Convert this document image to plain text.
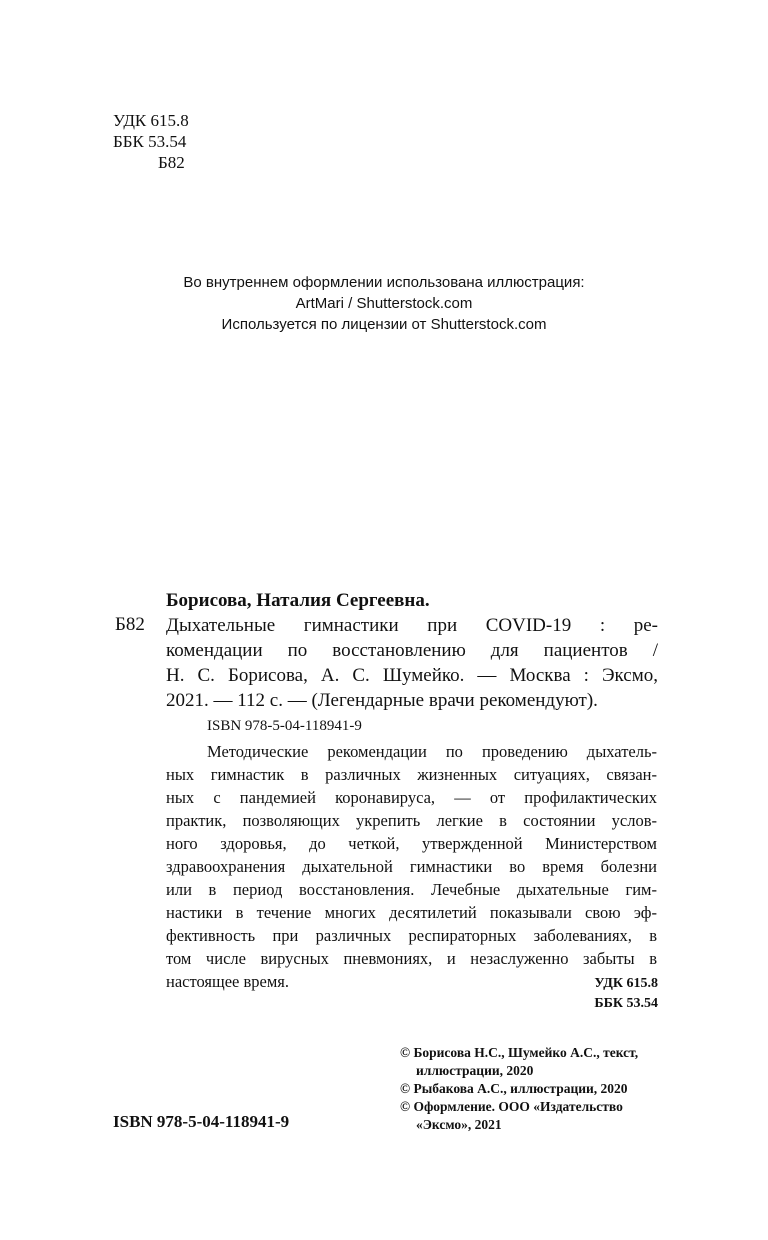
УДК 615.8
ББК 53.54
Б82
Во внутреннем оформлении использована иллюстрация:
ArtMari / Shutterstock.com
Используется по лицензии от Shutterstock.com
Борисова, Наталия Сергеевна.
Б82 Дыхательные гимнастики при COVID-19 : ре-
комендации по восстановлению для пациентов /
Н. С. Борисова, А. С. Шумейко. — Москва : Эксмо,
2021. — 112 с. — (Легендарные врачи рекомендуют).
ISBN 978-5-04-118941-9
Методические рекомендации по проведению дыхатель-
ных гимнастик в различных жизненных ситуациях, связан-
ных с пандемией коронавируса, — от профилактических
практик, позволяющих укрепить легкие в состоянии услов-
ного здоровья, до четкой, утвержденной Министерством
здравоохранения дыхательной гимнастики во время болезни
или в период восстановления. Лечебные дыхательные гим-
настики в течение многих десятилетий показывали свою эф-
фективность при различных респираторных заболеваниях, в
том числе вирусных пневмониях, и незаслуженно забыты в
настоящее время.	УДК 615.8
ББК 53.54
© Борисова Н.С., Шумейко А.С., текст,
иллюстрации, 2020
© Рыбакова А.С., иллюстрации, 2020
© Оформление. ООО «Издательство
«Эксмо», 2021
ISBN 978-5-04-118941-9
